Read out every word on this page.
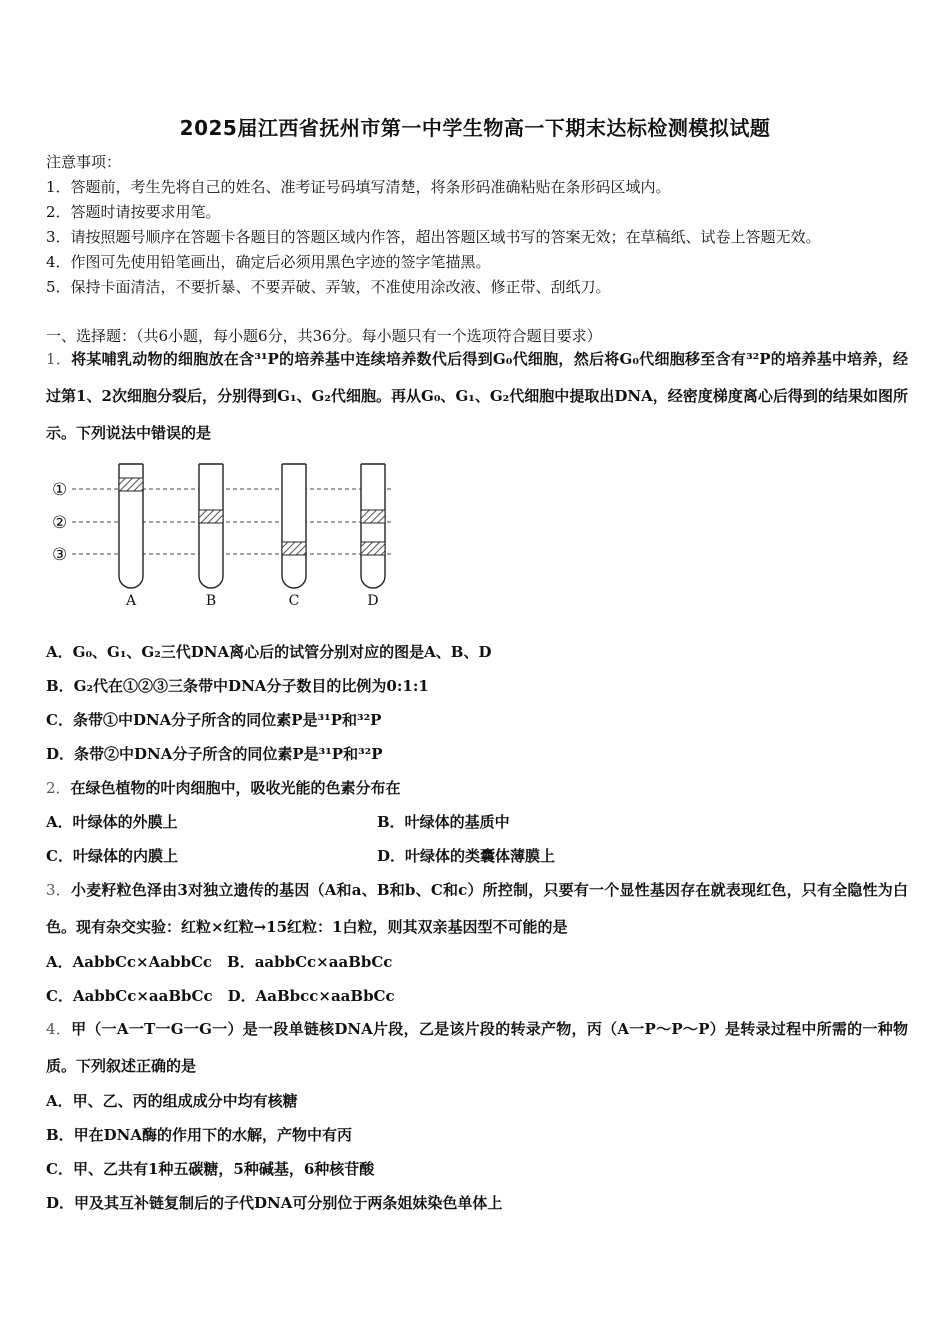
2025届江西省抚州市第一中学生物高一下期末达标检测模拟试题
注意事项：
1．答题前，考生先将自己的姓名、准考证号码填写清楚，将条形码准确粘贴在条形码区域内。
2．答题时请按要求用笔。
3．请按照题号顺序在答题卡各题目的答题区域内作答，超出答题区域书写的答案无效；在草稿纸、试卷上答题无效。
4．作图可先使用铅笔画出，确定后必须用黑色字迹的签字笔描黑。
5．保持卡面清洁，不要折暴、不要弄破、弄皱，不准使用涂改液、修正带、刮纸刀。
一、选择题：（共6小题，每小题6分，共36分。每小题只有一个选项符合题目要求）
1．将某哺乳动物的细胞放在含³¹P的培养基中连续培养数代后得到G₀代细胞，然后将G₀代细胞移至含有³²P的培养基中培养，经过第1、2次细胞分裂后，分别得到G₁、G₂代细胞。再从G₀、G₁、G₂代细胞中提取出DNA，经密度梯度离心后得到的结果如图所示。下列说法中错误的是
①
②
③
A	B	C	D
A．G₀、G₁、G₂三代DNA离心后的试管分别对应的图是A、B、D
B．G₂代在①②③三条带中DNA分子数目的比例为0:1:1
C．条带①中DNA分子所含的同位素P是³¹P和³²P
D．条带②中DNA分子所含的同位素P是³¹P和³²P
2．在绿色植物的叶肉细胞中，吸收光能的色素分布在
A．叶绿体的外膜上	B．叶绿体的基质中
C．叶绿体的内膜上	D．叶绿体的类囊体薄膜上
3．小麦籽粒色泽由3对独立遗传的基因（A和a、B和b、C和c）所控制，只要有一个显性基因存在就表现红色，只有全隐性为白色。现有杂交实验：红粒×红粒→15红粒：1白粒，则其双亲基因型不可能的是
A．AabbCc×AabbCc　B．aabbCc×aaBbCc
C．AabbCc×aaBbCc　D．AaBbcc×aaBbCc
4．甲（一A一T一G一G一）是一段单链核DNA片段，乙是该片段的转录产物，丙（A一P～P～P）是转录过程中所需的一种物质。下列叙述正确的是
A．甲、乙、丙的组成成分中均有核糖
B．甲在DNA酶的作用下的水解，产物中有丙
C．甲、乙共有1种五碳糖，5种碱基，6种核苷酸
D．甲及其互补链复制后的子代DNA可分别位于两条姐妹染色单体上
